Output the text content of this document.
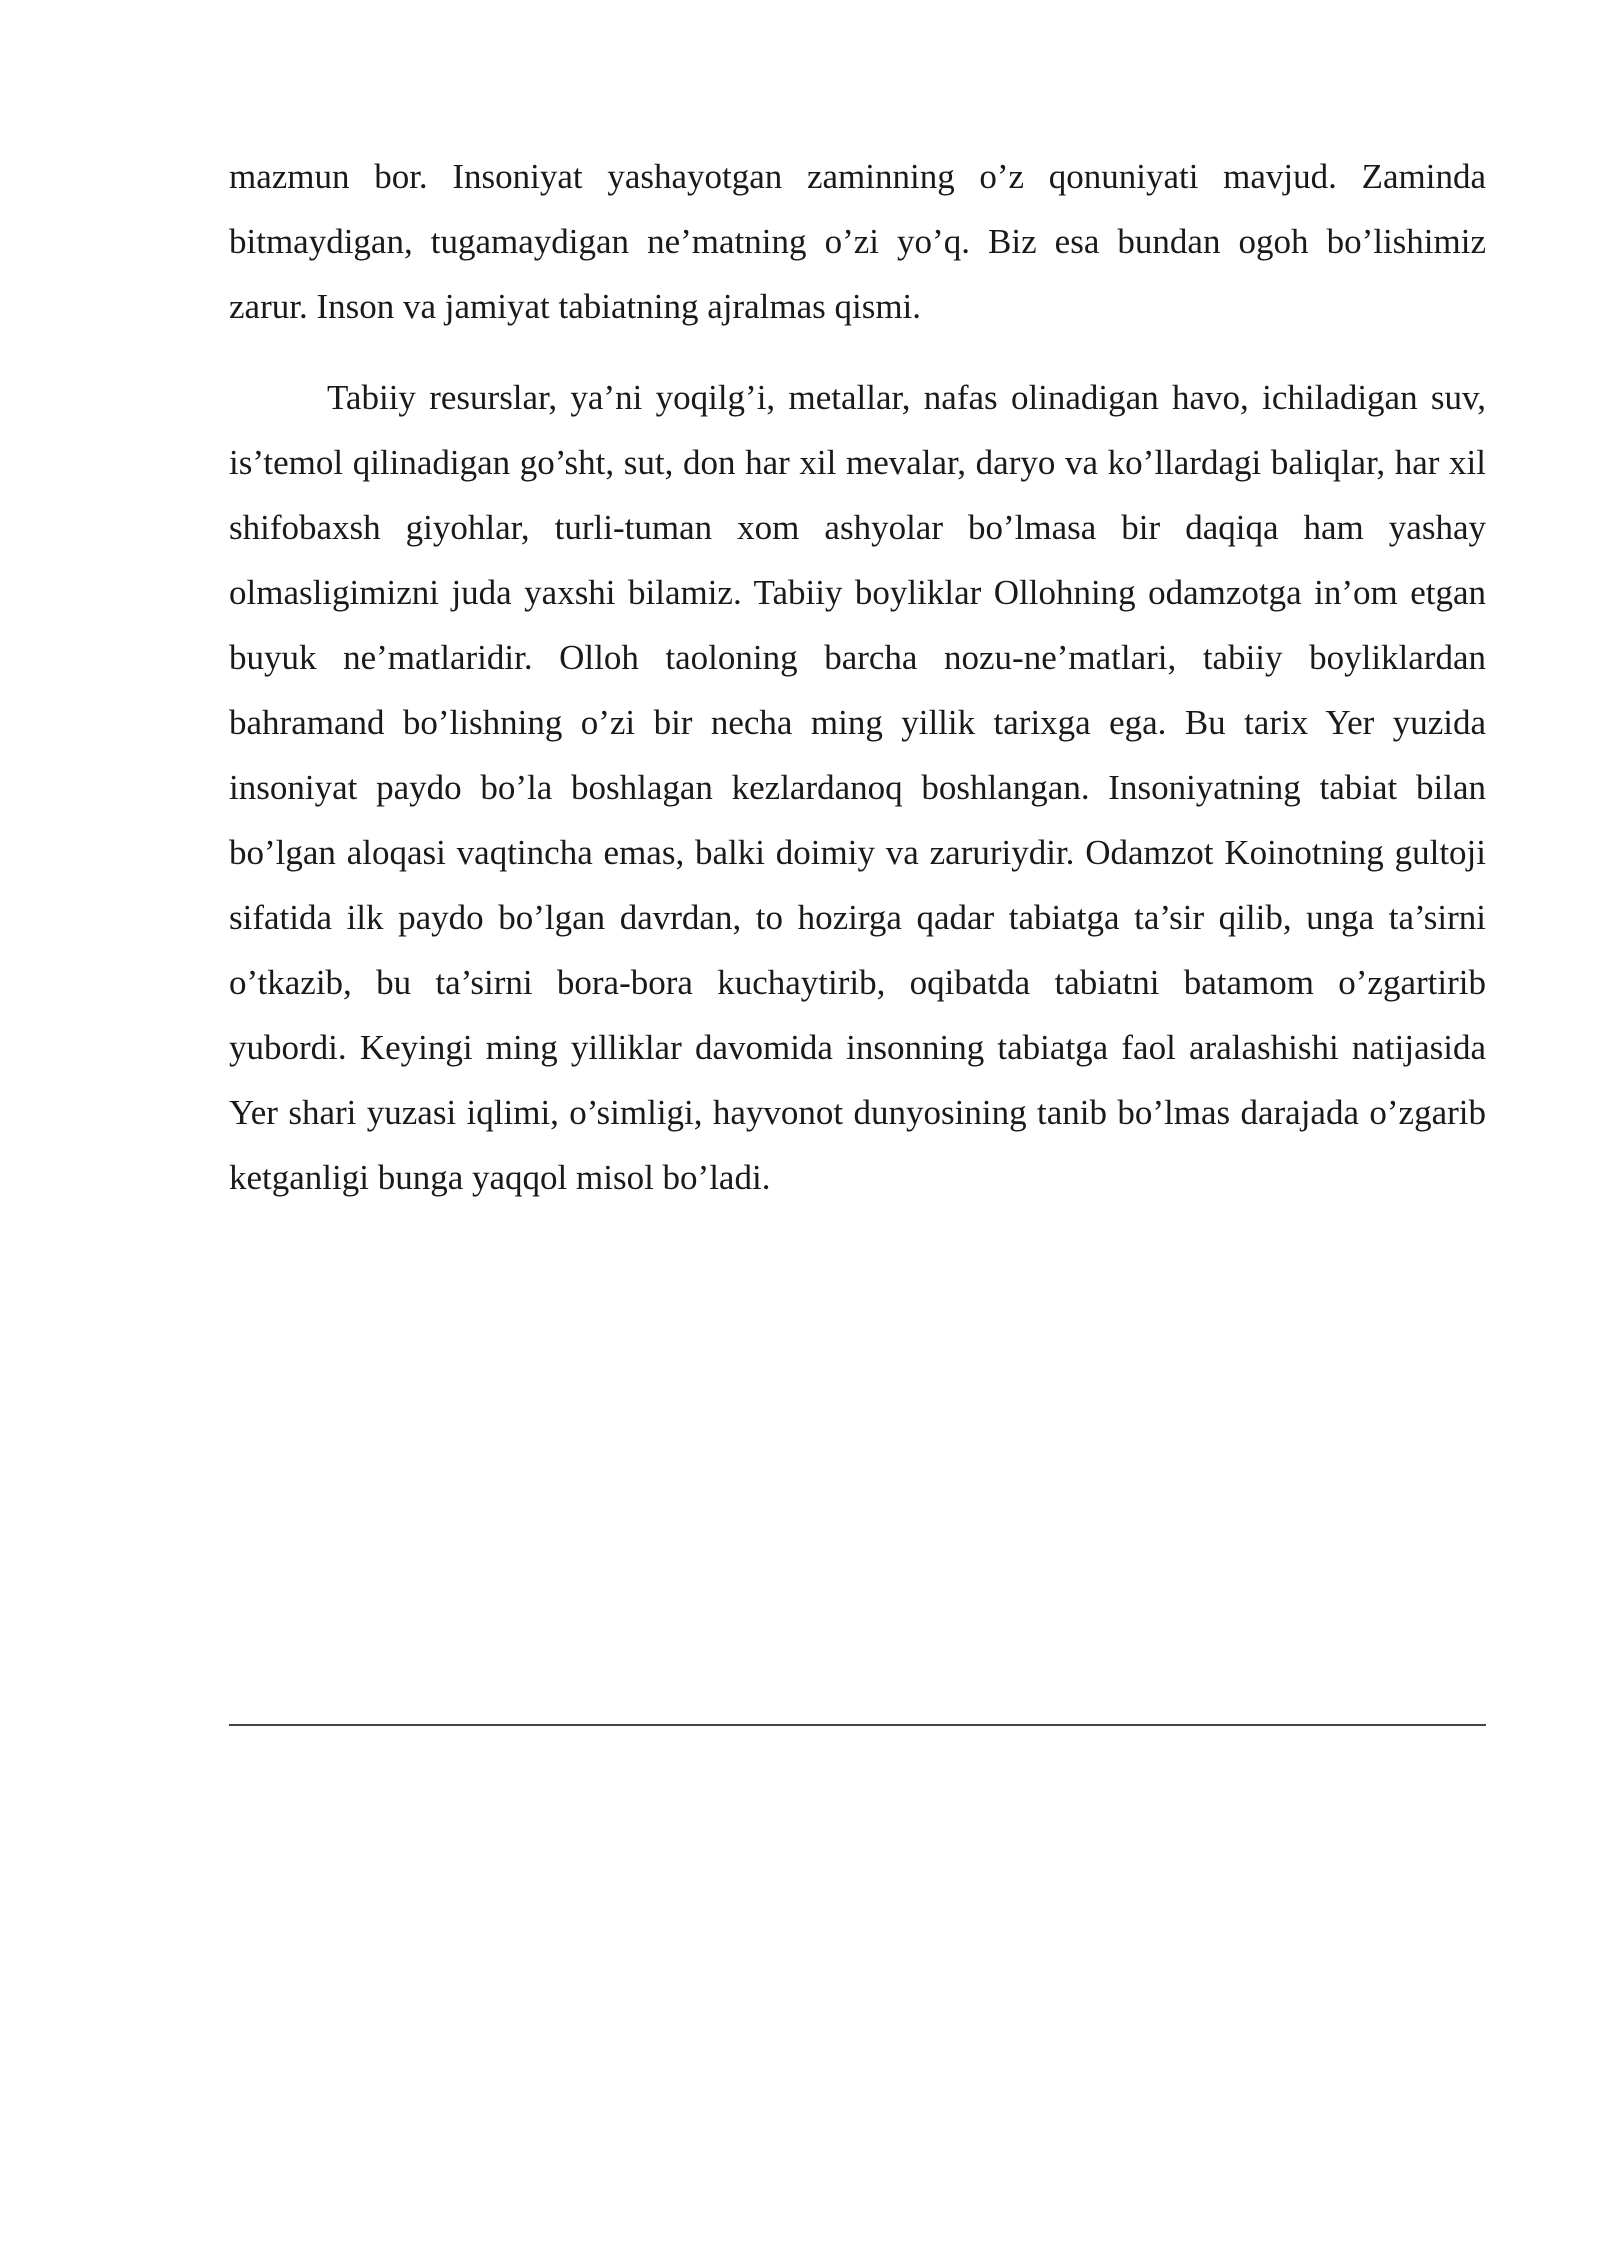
mazmun bor. Insoniyat yashayotgan zaminning o’z qonuniyati mavjud. Zaminda bitmaydigan, tugamaydigan ne’matning o’zi yo’q. Biz esa bundan ogoh bo’lishimiz zarur. Inson va jamiyat tabiatning ajralmas qismi.

Tabiiy resurslar, ya’ni yoqilg’i, metallar, nafas olinadigan havo, ichiladigan suv, is’temol qilinadigan go’sht, sut, don har xil mevalar, daryo va ko’llardagi baliqlar, har xil shifobaxsh giyohlar, turli-tuman xom ashyolar bo’lmasa bir daqiqa ham yashay olmasligimizni juda yaxshi bilamiz. Tabiiy boyliklar Ollohning odamzotga in’om etgan buyuk ne’matlaridir. Olloh taoloning barcha nozu-ne’matlari, tabiiy boyliklardan bahramand bo’lishning o’zi bir necha ming yillik tarixga ega. Bu tarix Yer yuzida insoniyat paydo bo’la boshlagan kezlardanoq boshlangan. Insoniyatning tabiat bilan bo’lgan aloqasi vaqtincha emas, balki doimiy va zaruriydir. Odamzot Koinotning gultoji sifatida ilk paydo bo’lgan davrdan, to hozirga qadar tabiatga ta’sir qilib, unga ta’sirni o’tkazib, bu ta’sirni bora-bora kuchaytirib, oqibatda tabiatni batamom o’zgartirib yubordi. Keyingi ming yilliklar davomida insonning tabiatga faol aralashishi natijasida Yer shari yuzasi iqlimi, o’simligi, hayvonot dunyosining tanib bo’lmas darajada o’zgarib ketganligi bunga yaqqol misol bo’ladi.
